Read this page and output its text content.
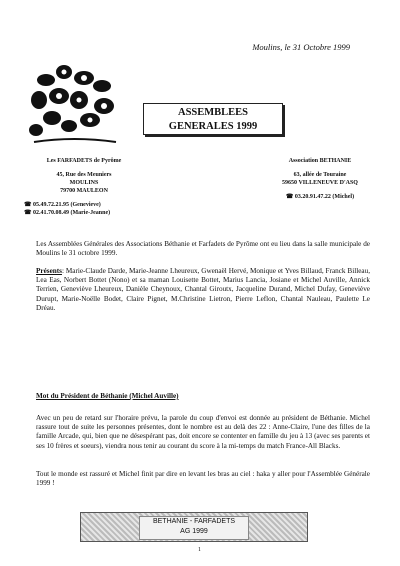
Moulins, le 31 Octobre 1999
ASSEMBLEES
GENERALES 1999
Les FARFADETS de Pyrôme
45, Rue des Meuniers
MOULINS
79700 MAULEON
☎ 05.49.72.21.95 (Genevieve)
☎ 02.41.70.08.49 (Marie-Jeanne)
Association BETHANIE
63, allée de Touraine
59650 VILLENEUVE D'ASQ
☎ 03.20.91.47.22 (Michel)
Les Assemblées Générales des Associations Béthanie et Farfadets de Pyrôme ont eu lieu dans la salle municipale de Moulins le 31 octobre 1999.
Présents: Marie-Claude Darde, Marie-Jeanne Lheureux, Gwenaël Hervé, Monique et Yves Billaud, Franck Billeau, Lea Eas, Norbert Bottet (Nono) et sa maman Louisette Bottet, Marius Lancia, Josiane et Michel Auville, Annick Terrien, Geneviève Lheureux, Danièle Cheynoux, Chantal Giroutx, Jacqueline Durand, Michel Dufay, Geneviève Durupt, Marie-Noëlle Bodet, Claire Pignet, M.Christine Lietron, Pierre Leflon, Chantal Nauleau, Paulette Le Dréau.
Mot du Président de Béthanie (Michel Auville)
Avec un peu de retard sur l'horaire prévu, la parole du coup d'envoi est donnée au président de Béthanie. Michel rassure tout de suite les personnes présentes, dont le nombre est au delà des 22 : Anne-Claire, l'une des filles de la famille Arcade, qui, bien que ne désespérant pas, doit encore se contenter en famille du jeu à 13 (avec ses parents et ses 10 frères et soeurs), viendra nous tenir au courant du score à la mi-temps du match France-All Blacks.
Tout le monde est rassuré et Michel finit par dire en levant les bras au ciel : haka y aller pour l'Assemblée Générale 1999 !
BETHANIE - FARFADETS
AG 1999
1
